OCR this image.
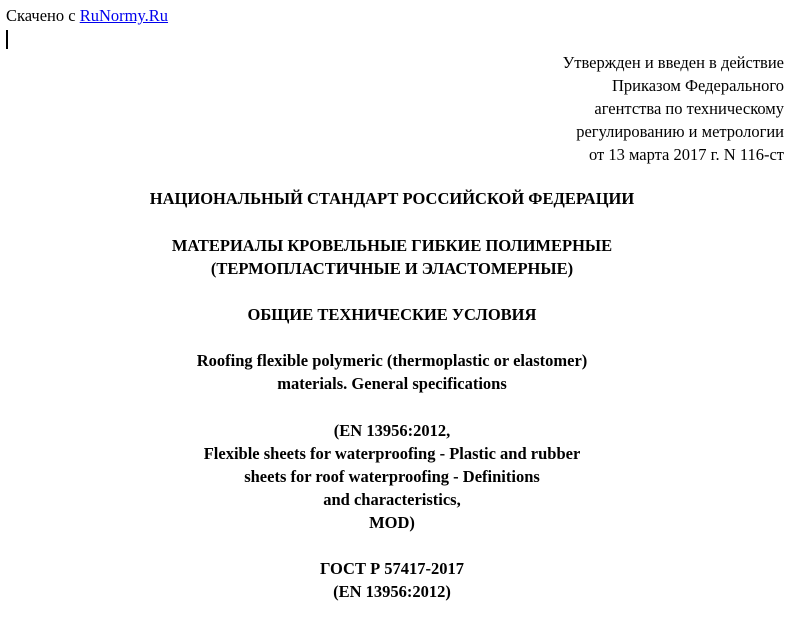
Скачено с RuNormy.Ru
Утвержден и введен в действие
Приказом Федерального
агентства по техническому
регулированию и метрологии
от 13 марта 2017 г. N 116-ст
НАЦИОНАЛЬНЫЙ СТАНДАРТ РОССИЙСКОЙ ФЕДЕРАЦИИ
МАТЕРИАЛЫ КРОВЕЛЬНЫЕ ГИБКИЕ ПОЛИМЕРНЫЕ
(ТЕРМОПЛАСТИЧНЫЕ И ЭЛАСТОМЕРНЫЕ)
ОБЩИЕ ТЕХНИЧЕСКИЕ УСЛОВИЯ
Roofing flexible polymeric (thermoplastic or elastomer)
materials. General specifications
(EN 13956:2012,
Flexible sheets for waterproofing - Plastic and rubber
sheets for roof waterproofing - Definitions
and characteristics,
MOD)
ГОСТ Р 57417-2017
(EN 13956:2012)
